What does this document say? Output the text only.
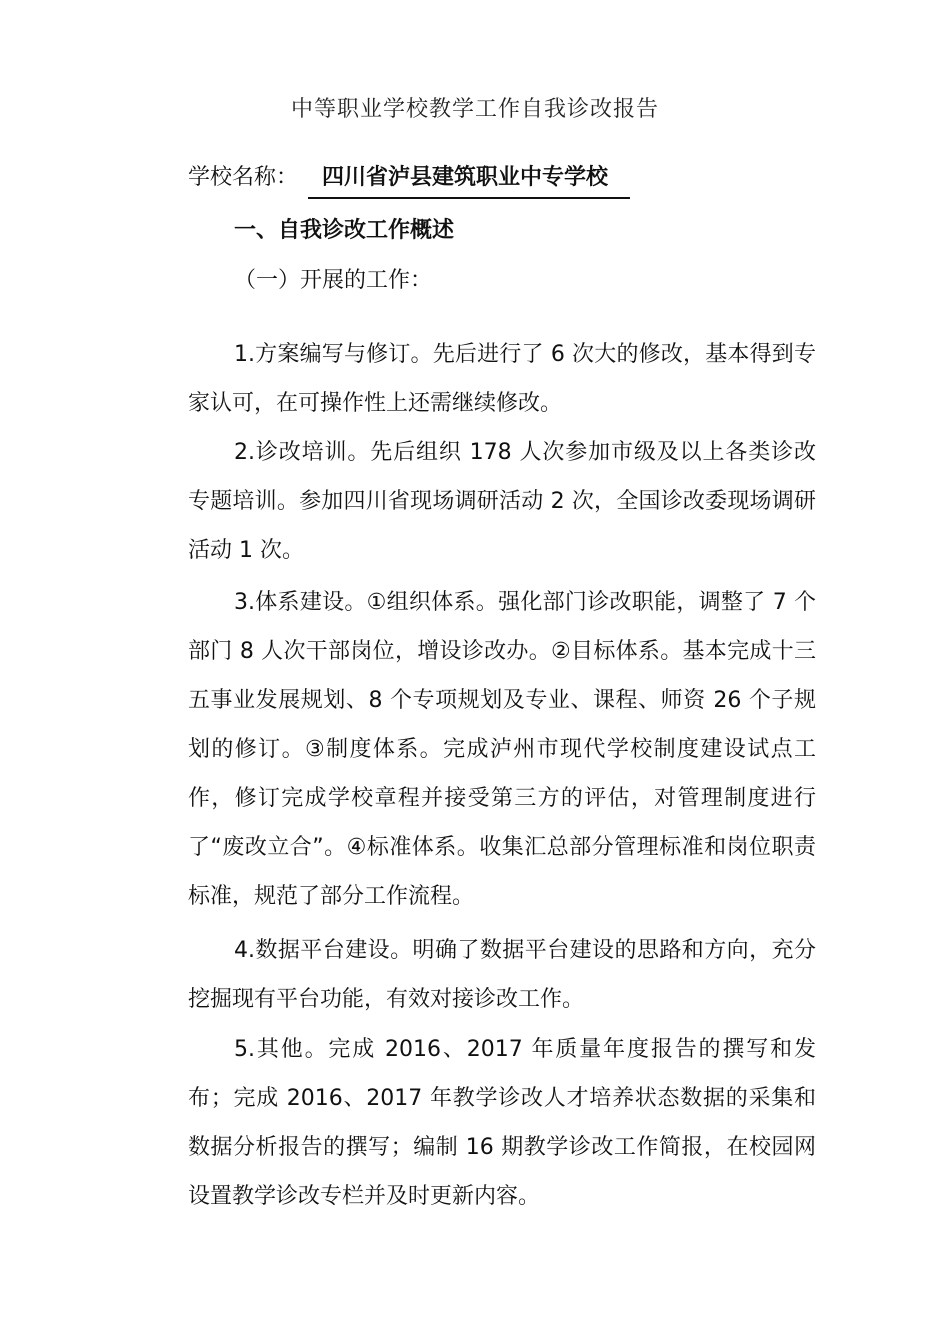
中等职业学校教学工作自我诊改报告
学校名称： 四川省泸县建筑职业中专学校
一、自我诊改工作概述
（一）开展的工作：

1.方案编写与修订。先后进行了 6 次大的修改，基本得到专家认可，在可操作性上还需继续修改。

2.诊改培训。先后组织 178 人次参加市级及以上各类诊改专题培训。参加四川省现场调研活动 2 次，全国诊改委现场调研活动 1 次。

3.体系建设。①组织体系。强化部门诊改职能，调整了 7 个部门 8 人次干部岗位，增设诊改办。②目标体系。基本完成十三五事业发展规划、8 个专项规划及专业、课程、师资 26 个子规划的修订。③制度体系。完成泸州市现代学校制度建设试点工作，修订完成学校章程并接受第三方的评估，对管理制度进行了“废改立合”。④标准体系。收集汇总部分管理标准和岗位职责标准，规范了部分工作流程。

4.数据平台建设。明确了数据平台建设的思路和方向，充分挖掘现有平台功能，有效对接诊改工作。

5.其他。完成 2016、2017 年质量年度报告的撰写和发布；完成 2016、2017 年教学诊改人才培养状态数据的采集和数据分析报告的撰写；编制 16 期教学诊改工作简报，在校园网设置教学诊改专栏并及时更新内容。
